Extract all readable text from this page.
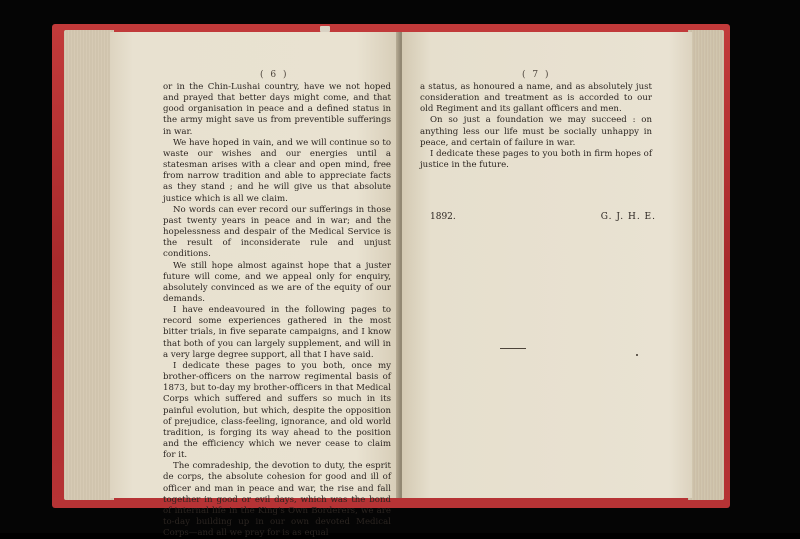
( 6 )

or in the Chin-Lushai country, have we not hoped and prayed that better days might come, and that good organisation in peace and a defined status in the army might save us from preventible sufferings in war.

We have hoped in vain, and we will continue so to waste our wishes and our energies until a statesman arises with a clear and open mind, free from narrow tradition and able to appreciate facts as they stand ; and he will give us that absolute justice which is all we claim.

No words can ever record our sufferings in those past twenty years in peace and in war; and the hopelessness and despair of the Medical Service is the result of inconsiderate rule and unjust conditions.

We still hope almost against hope that a juster future will come, and we appeal only for enquiry, absolutely convinced as we are of the equity of our demands.

I have endeavoured in the following pages to record some experiences gathered in the most bitter trials, in five separate campaigns, and I know that both of you can largely supplement, and will in a very large degree support, all that I have said.

I dedicate these pages to you both, once my brother-officers on the narrow regimental basis of 1873, but to-day my brother-officers in that Medical Corps which suffered and suffers so much in its painful evolution, but which, despite the opposition of prejudice, class-feeling, ignorance, and old world tradition, is forging its way ahead to the position and the efficiency which we never cease to claim for it.

The comradeship, the devotion to duty, the esprit de corps, the absolute cohesion for good and ill of officer and man in peace and war, the rise and fall together in good or evil days, which was the bond of internal life in the King's Own Borderers, we are to-day building up in our own devoted Medical Corps—and all we pray for is as equal

( 7 )

a status, as honoured a name, and as absolutely just consideration and treatment as is accorded to our old Regiment and its gallant officers and men.

On so just a foundation we may succeed : on anything less our life must be socially unhappy in peace, and certain of failure in war.

I dedicate these pages to you both in firm hopes of justice in the future.

1892.	G. J. H. E.
